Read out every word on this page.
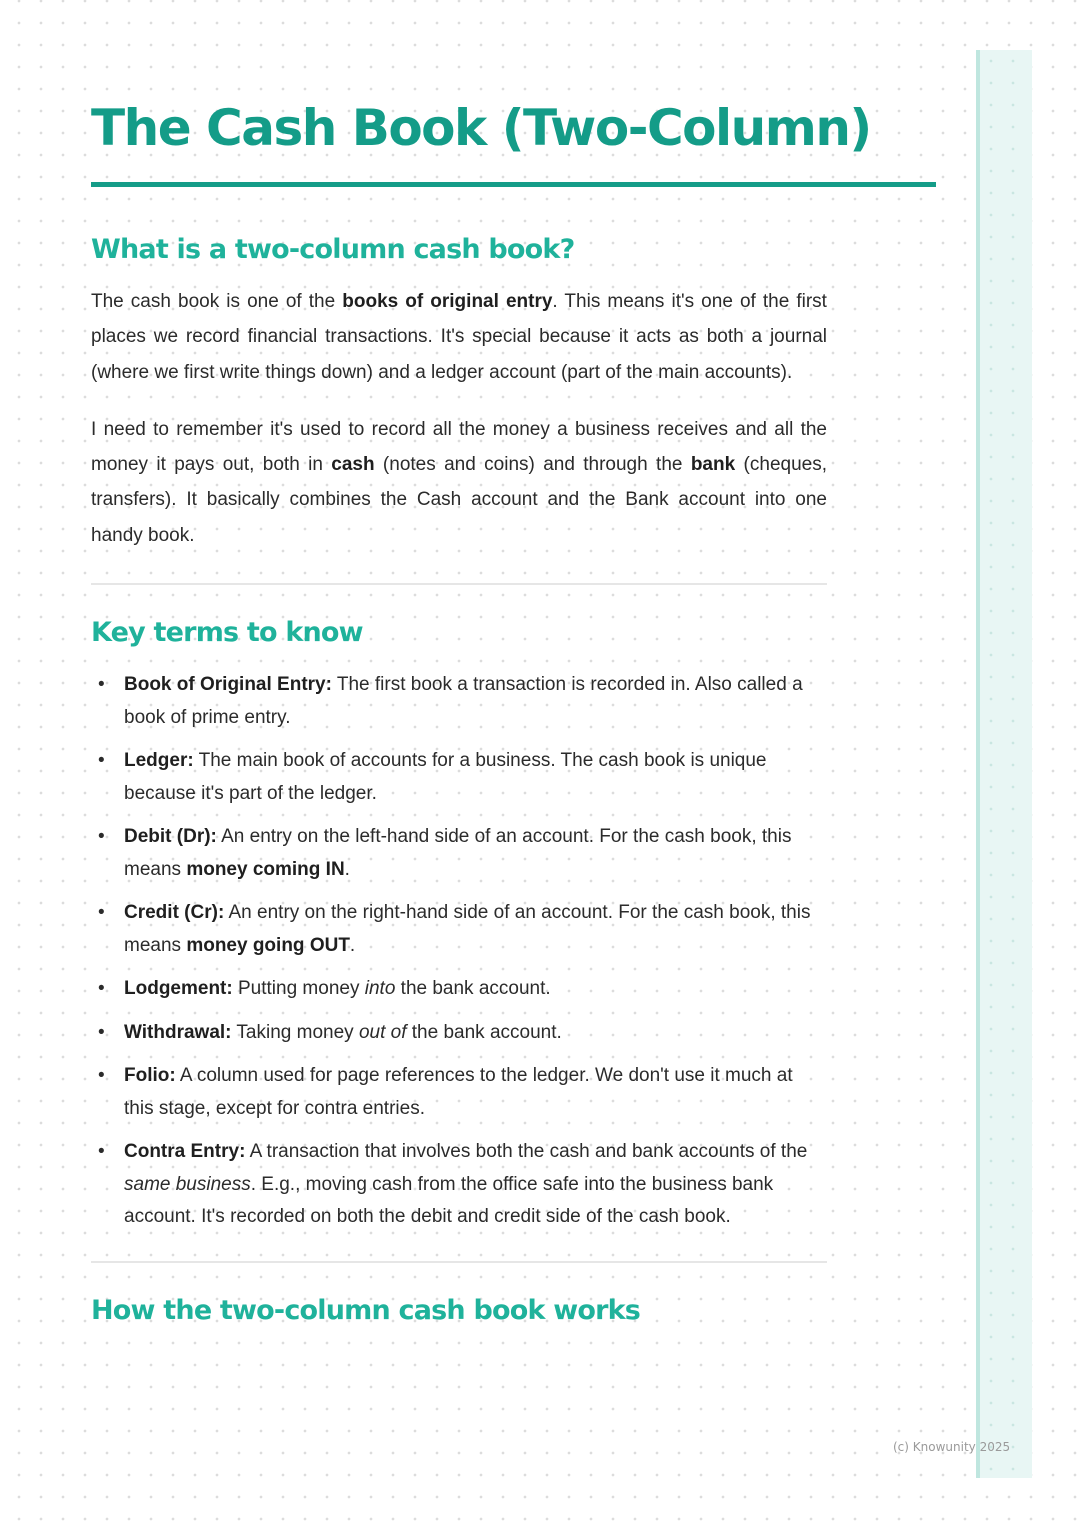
The Cash Book (Two-Column)
What is a two-column cash book?

The cash book is one of the books of original entry. This means it's one of the first places we record financial transactions. It's special because it acts as both a journal (where we first write things down) and a ledger account (part of the main accounts).

I need to remember it's used to record all the money a business receives and all the money it pays out, both in cash (notes and coins) and through the bank (cheques, transfers). It basically combines the Cash account and the Bank account into one handy book.

Key terms to know
• Book of Original Entry: The first book a transaction is recorded in. Also called a book of prime entry.
• Ledger: The main book of accounts for a business. The cash book is unique because it's part of the ledger.
• Debit (Dr): An entry on the left-hand side of an account. For the cash book, this means money coming IN.
• Credit (Cr): An entry on the right-hand side of an account. For the cash book, this means money going OUT.
• Lodgement: Putting money into the bank account.
• Withdrawal: Taking money out of the bank account.
• Folio: A column used for page references to the ledger. We don't use it much at this stage, except for contra entries.
• Contra Entry: A transaction that involves both the cash and bank accounts of the same business. E.g., moving cash from the office safe into the business bank account. It's recorded on both the debit and credit side of the cash book.
How the two-column cash book works
(c) Knowunity 2025
